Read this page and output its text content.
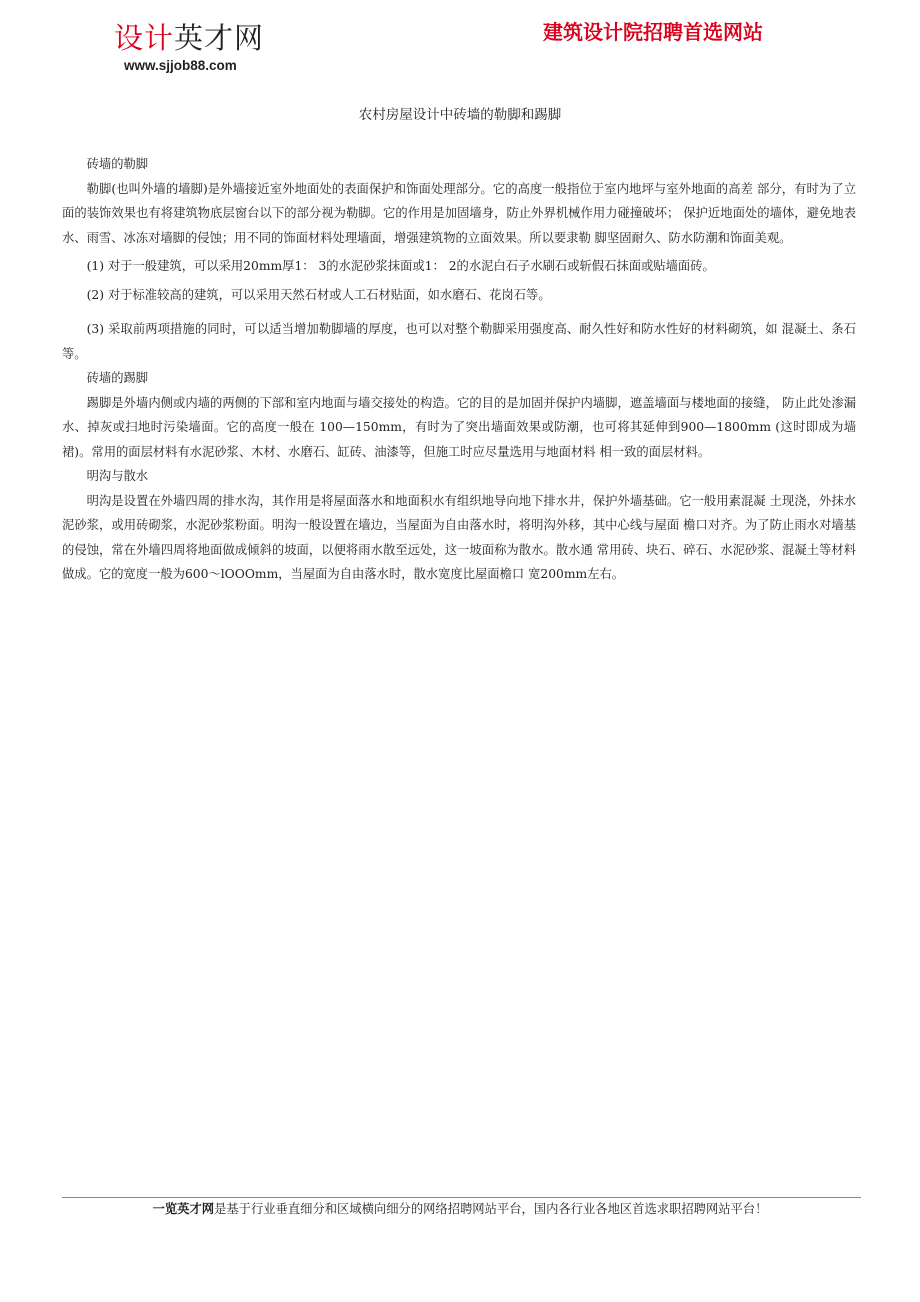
设计英才网
www.sjjob88.com
建筑设计院招聘首选网站
农村房屋设计中砖墙的勒脚和踢脚

砖墙的勒脚

勒脚(也叫外墙的墙脚)是外墙接近室外地面处的表面保护和饰面处理部分。它的高度一般指位于室内地坪与室外地面的高差 部分，有时为了立面的装饰效果也有将建筑物底层窗台以下的部分视为勒脚。它的作用是加固墙身，防止外界机械作用力碰撞破坏； 保护近地面处的墙体，避免地表水、雨雪、冰冻对墙脚的侵蚀；用不同的饰面材料处理墙面，增强建筑物的立面效果。所以要隶勒 脚坚固耐久、防水防潮和饰面美观。

(1) 对于一般建筑，可以采用20mm厚1： 3的水泥砂浆抹面或1： 2的水泥白石子水刷石或斩假石抹面或贴墙面砖。

(2) 对于标准较高的建筑，可以采用天然石材或人工石材贴面，如水磨石、花岗石等。

(3) 采取前两项措施的同时，可以适当增加勒脚墙的厚度，也可以对整个勒脚采用强度高、耐久性好和防水性好的材料砌筑，如 混凝土、条石等。

砖墙的踢脚

踢脚是外墙内侧或内墙的两侧的下部和室内地面与墙交接处的构造。它的目的是加固并保护内墙脚，遮盖墙面与楼地面的接缝， 防止此处渗漏水、掉灰或扫地时污染墙面。它的高度一般在 100—150mm，有时为了突出墙面效果或防潮，也可将其延伸到900—1800mm (这时即成为墙裙)。常用的面层材料有水泥砂浆、木材、水磨石、缸砖、油漆等，但施工时应尽量选用与地面材料 相一致的面层材料。

明沟与散水

明沟是设置在外墙四周的排水沟，其作用是将屋面落水和地面积水有组织地导向地下排水井，保护外墙基础。它一般用素混凝 土现浇，外抹水泥砂浆，或用砖砌浆，水泥砂浆粉面。明沟一般设置在墙边，当屋面为自由落水时，将明沟外移，其中心线与屋面 檐口对齐。为了防止雨水对墙基的侵蚀，常在外墙四周将地面做成倾斜的坡面，以便将雨水散至远处，这一坡面称为散水。散水通 常用砖、块石、碎石、水泥砂浆、混凝土等材料做成。它的宽度一般为600〜lOOOmm，当屋面为自由落水时，散水宽度比屋面檐口 宽200mm左右。

一览英才网是基于行业垂直细分和区域横向细分的网络招聘网站平台，国内各行业各地区首选求职招聘网站平台！
